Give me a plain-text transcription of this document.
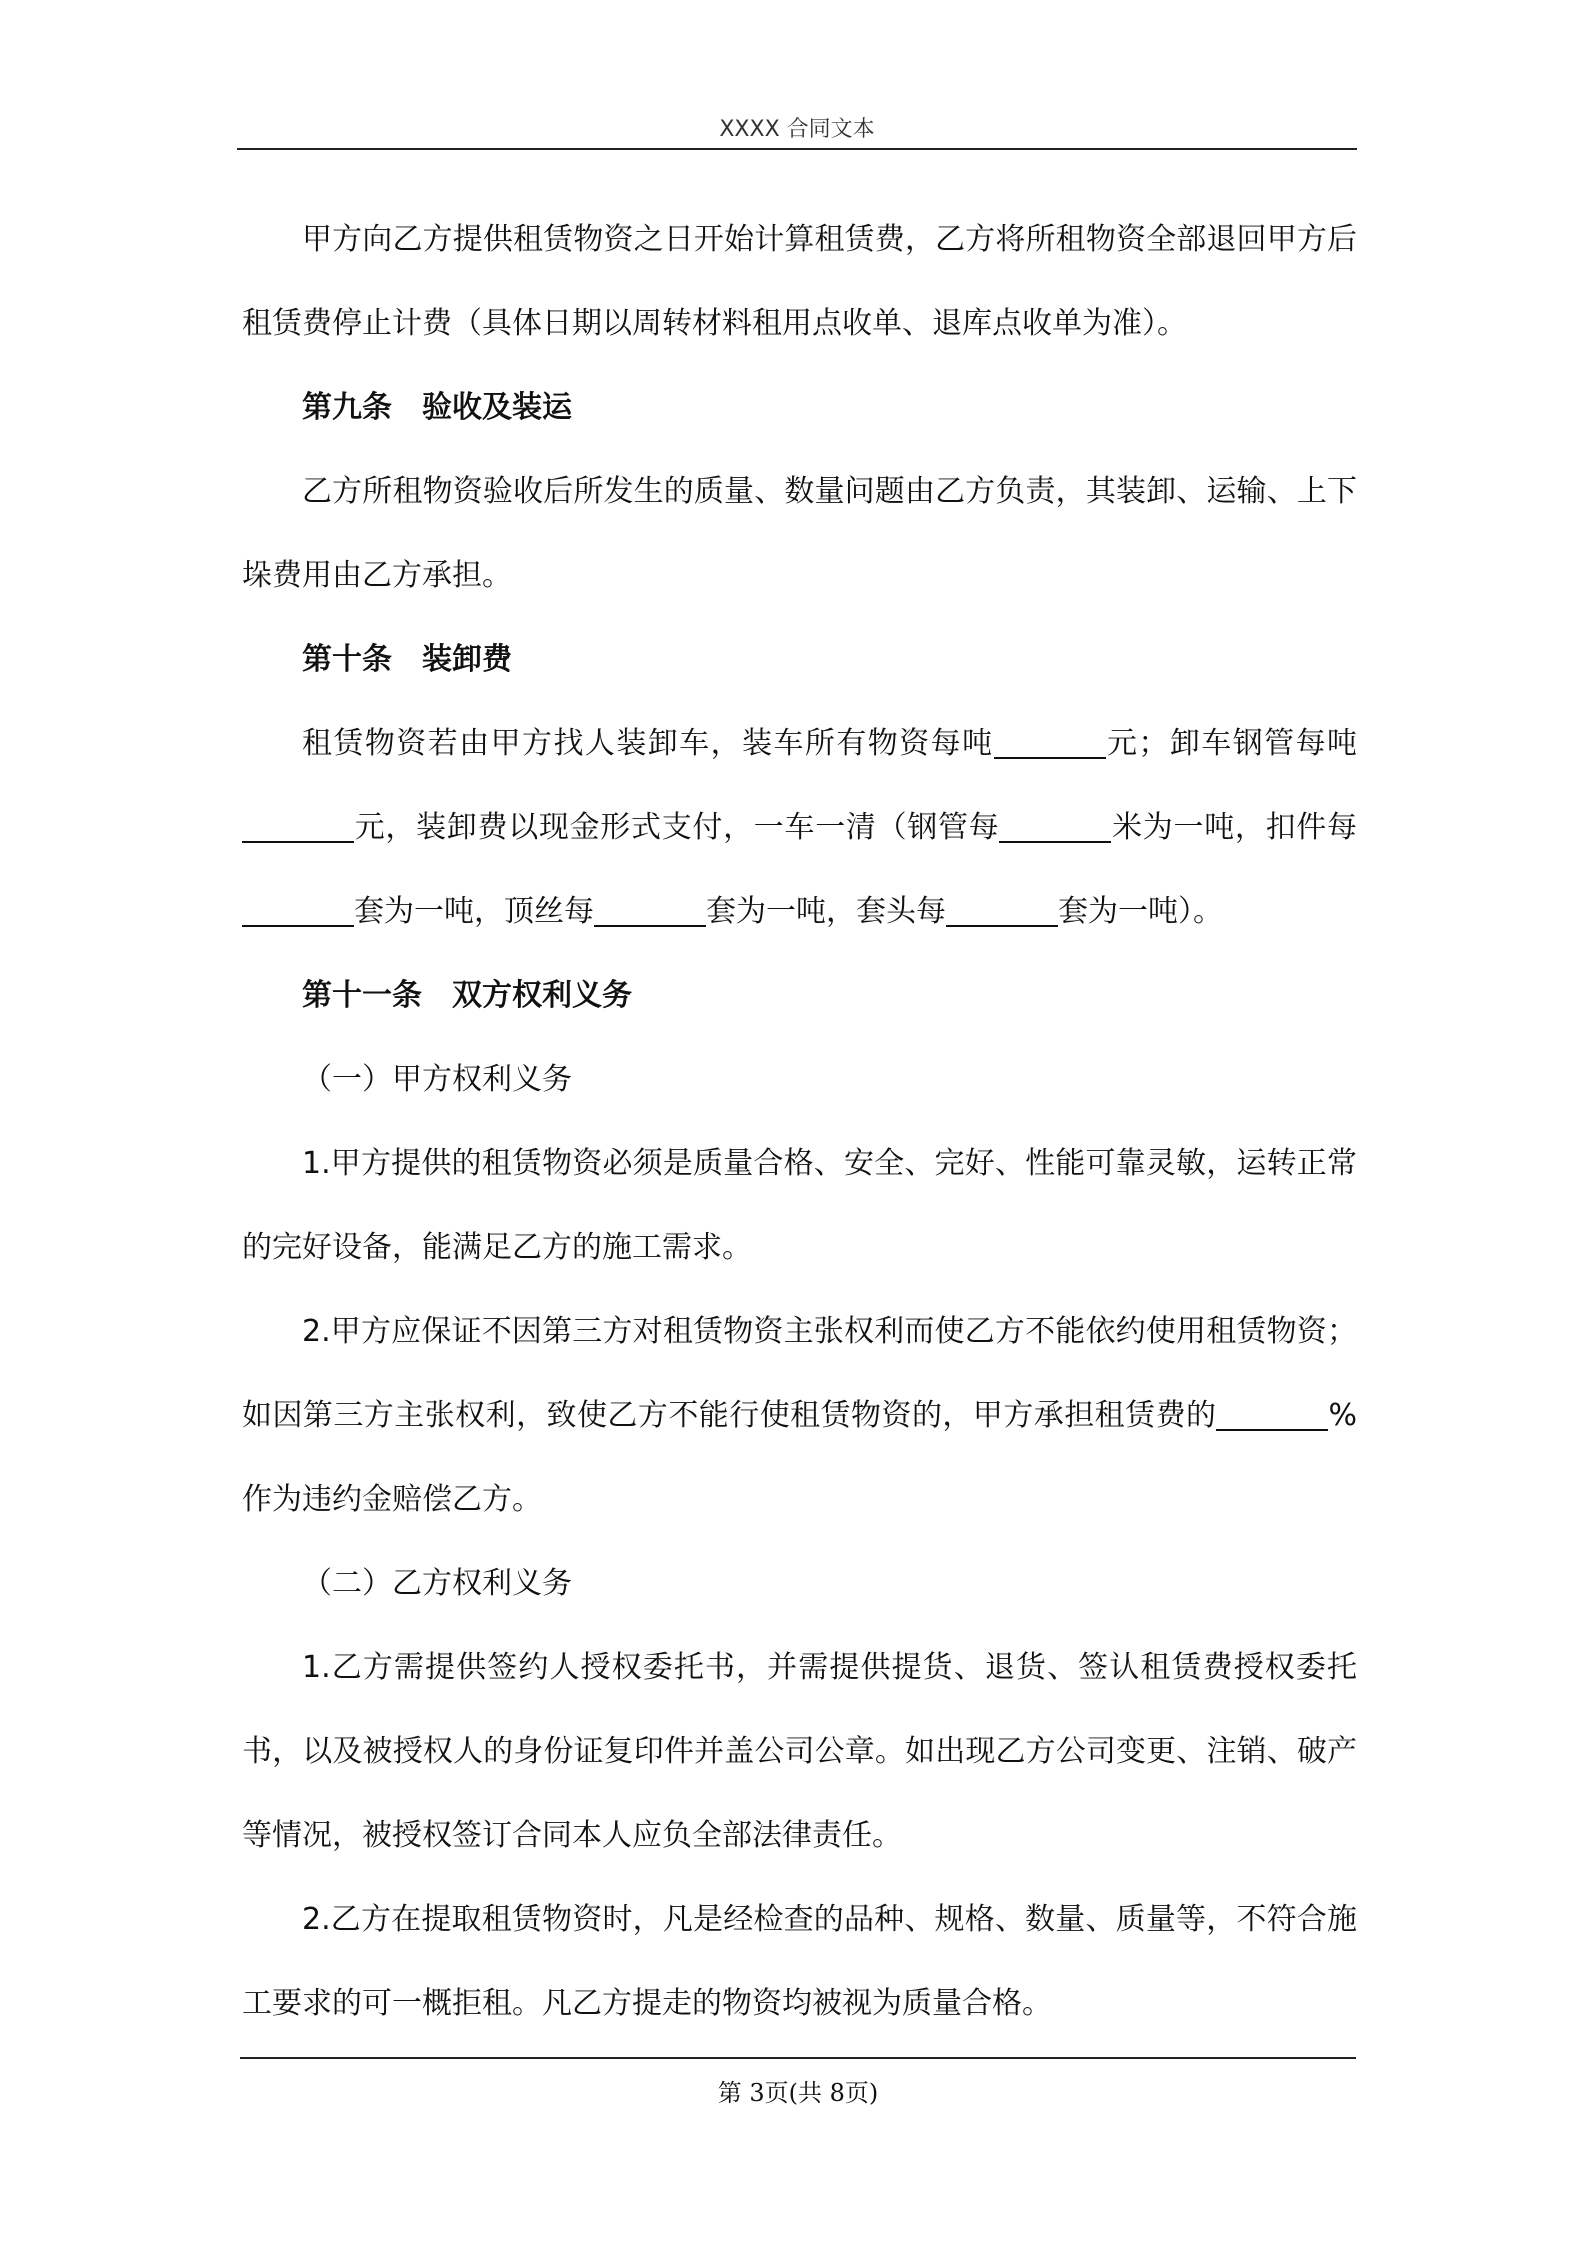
XXXX 合同文本

甲方向乙方提供租赁物资之日开始计算租赁费，乙方将所租物资全部退回甲方后租赁费停止计费（具体日期以周转材料租用点收单、退库点收单为准）。

第九条 验收及装运

乙方所租物资验收后所发生的质量、数量问题由乙方负责，其装卸、运输、上下垛费用由乙方承担。

第十条 装卸费

租赁物资若由甲方找人装卸车，装车所有物资每吨	元；卸车钢管每吨元，装卸费以现金形式支付，一车一清（钢管每	米为一吨，扣件每套为一吨，顶丝每	套为一吨，套头每	套为一吨）。

第十一条 双方权利义务

（一）甲方权利义务

1.甲方提供的租赁物资必须是质量合格、安全、完好、性能可靠灵敏，运转正常的完好设备，能满足乙方的施工需求。

2.甲方应保证不因第三方对租赁物资主张权利而使乙方不能依约使用租赁物资；如因第三方主张权利，致使乙方不能行使租赁物资的，甲方承担租赁费的	%作为违约金赔偿乙方。

（二）乙方权利义务

1.乙方需提供签约人授权委托书，并需提供提货、退货、签认租赁费授权委托书，以及被授权人的身份证复印件并盖公司公章。如出现乙方公司变更、注销、破产等情况，被授权签订合同本人应负全部法律责任。

2.乙方在提取租赁物资时，凡是经检查的品种、规格、数量、质量等，不符合施工要求的可一概拒租。凡乙方提走的物资均被视为质量合格。

第 3页(共 8页)
